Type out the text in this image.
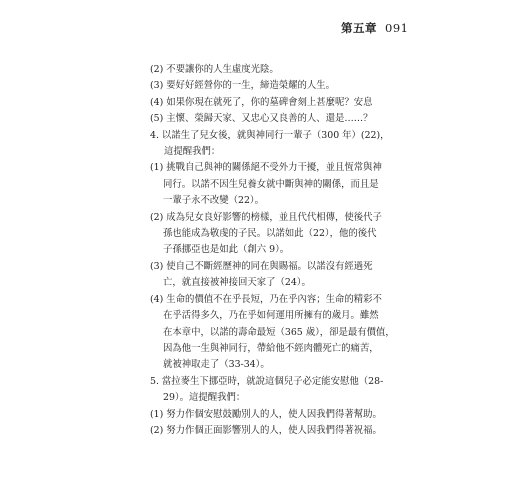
第五章 091
(2) 不要讓你的人生虛度光陰。
(3) 要好好經營你的一生，締造榮耀的人生。
(4) 如果你現在就死了，你的墓碑會刻上甚麼呢？安息
(5) 主懷、榮歸天家、又忠心又良善的人、還是……？
4. 以諾生了兒女後，就與神同行一輩子（300 年）(22)，
這提醒我們：
(1) 挑戰自己與神的關係絕不受外力干擾，並且恆常與神
同行。以諾不因生兒養女就中斷與神的關係，而且是
一輩子永不改變（22）。
(2) 成為兒女良好影響的榜樣，並且代代相傳，使後代子
孫也能成為敬虔的子民。以諾如此（22），他的後代
子孫挪亞也是如此（創六 9）。
(3) 使自己不斷經歷神的同在與賜福。以諾沒有經過死
亡，就直接被神接回天家了（24）。
(4) 生命的價值不在乎長短，乃在乎內容；生命的精彩不
在乎活得多久，乃在乎如何運用所擁有的歲月。雖然
在本章中，以諾的壽命最短（365 歲），卻是最有價值，
因為他一生與神同行，帶給他不經肉體死亡的痛苦，
就被神取走了（33-34）。
5. 當拉麥生下挪亞時，就說這個兒子必定能安慰他（28-
29）。這提醒我們：
(1) 努力作個安慰鼓勵別人的人，使人因我們得著幫助。
(2) 努力作個正面影響別人的人，使人因我們得著祝福。
